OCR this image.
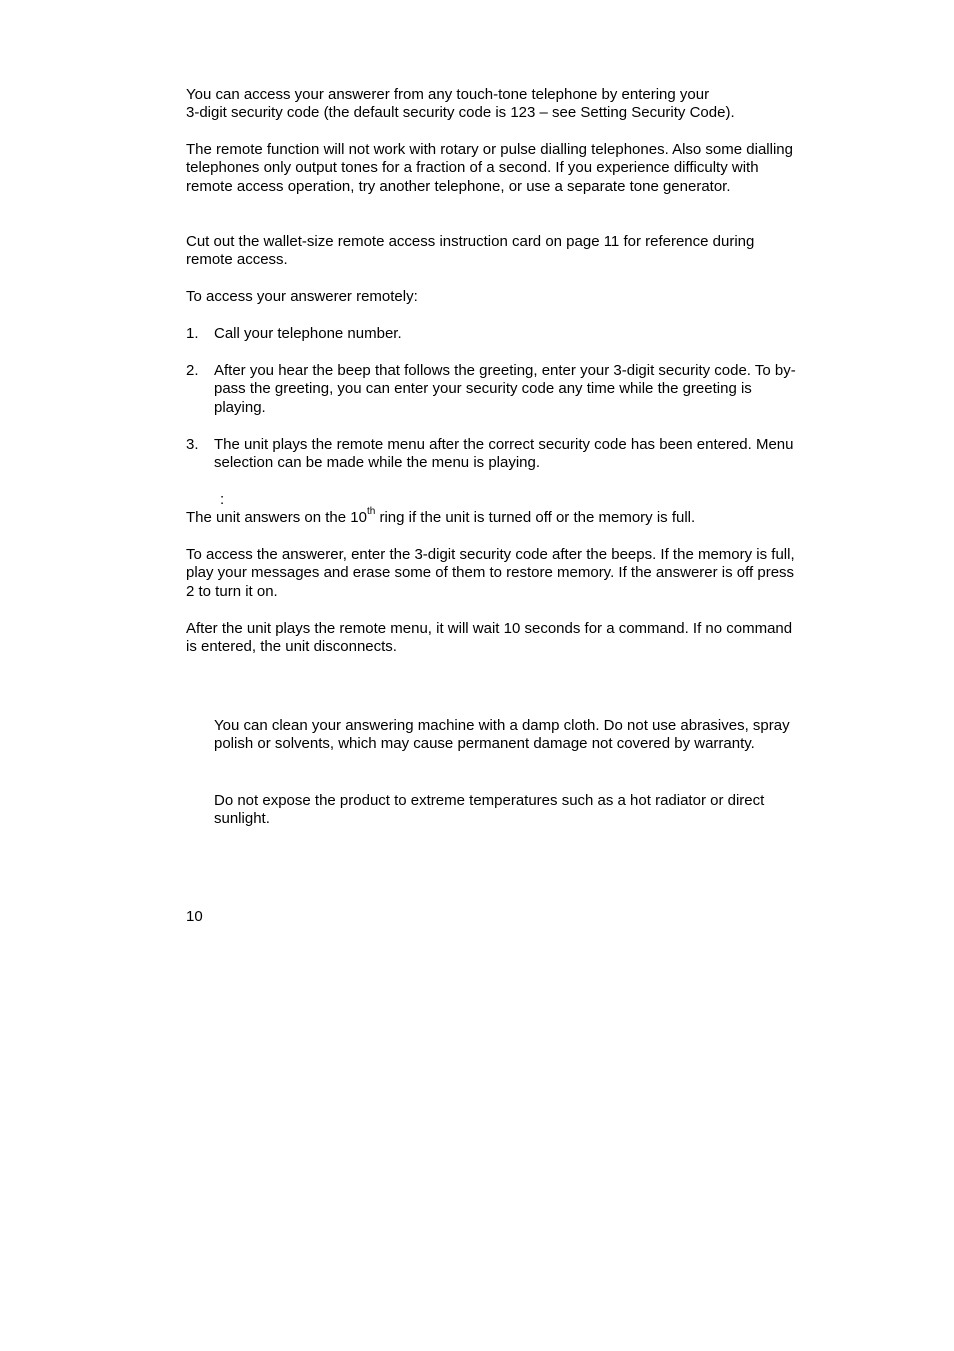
You can access your answerer from any touch-tone telephone by entering your
3-digit security code (the default security code is 123 – see Setting Security Code).

The remote function will not work with rotary or pulse dialling telephones. Also some dialling telephones only output tones for a fraction of a second. If you experience difficulty with remote access operation, try another telephone, or use a separate tone generator.

Cut out the wallet-size remote access instruction card on page 11 for reference during remote access.

To access your answerer remotely:

1.	Call your telephone number.
2.	After you hear the beep that follows the greeting, enter your 3-digit security code. To by-pass the greeting, you can enter your security code any time while the greeting is playing.
3.	The unit plays the remote menu after the correct security code has been entered. Menu selection can be made while the menu is playing.
:

The unit answers on the 10th ring if the unit is turned off or the memory is full.

To access the answerer, enter the 3-digit security code after the beeps. If the memory is full, play your messages and erase some of them to restore memory. If the answerer is off press 2 to turn it on.

After the unit plays the remote menu, it will wait 10 seconds for a command. If no command is entered, the unit disconnects.

You can clean your answering machine with a damp cloth. Do not use abrasives, spray polish or solvents, which may cause permanent damage not covered by warranty.

Do not expose the product to extreme temperatures such as a hot radiator or direct sunlight.

10
